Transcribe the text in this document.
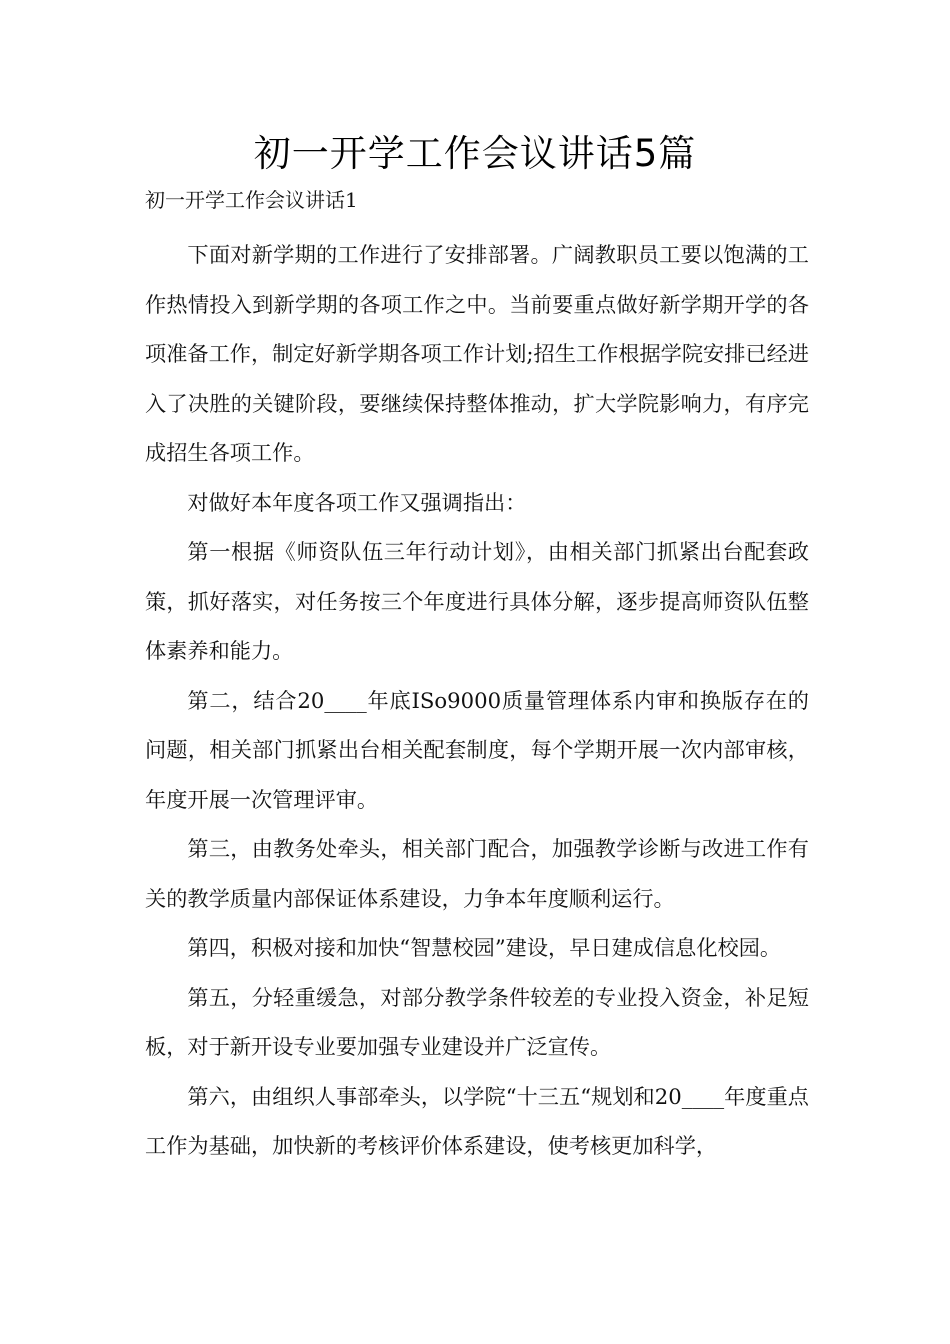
初一开学工作会议讲话5篇

初一开学工作会议讲话1

下面对新学期的工作进行了安排部署。广阔教职员工要以饱满的工作热情投入到新学期的各项工作之中。当前要重点做好新学期开学的各项准备工作，制定好新学期各项工作计划;招生工作根据学院安排已经进入了决胜的关键阶段，要继续保持整体推动，扩大学院影响力，有序完成招生各项工作。

对做好本年度各项工作又强调指出：

第一根据《师资队伍三年行动计划》，由相关部门抓紧出台配套政策，抓好落实，对任务按三个年度进行具体分解，逐步提高师资队伍整体素养和能力。

第二，结合20____年底ISo9000质量管理体系内审和换版存在的问题，相关部门抓紧出台相关配套制度，每个学期开展一次内部审核，年度开展一次管理评审。

第三，由教务处牵头，相关部门配合，加强教学诊断与改进工作有关的教学质量内部保证体系建设，力争本年度顺利运行。

第四，积极对接和加快“智慧校园”建设，早日建成信息化校园。

第五，分轻重缓急，对部分教学条件较差的专业投入资金，补足短板，对于新开设专业要加强专业建设并广泛宣传。

第六，由组织人事部牵头，以学院“十三五“规划和20____年度重点工作为基础，加快新的考核评价体系建设，使考核更加科学，
